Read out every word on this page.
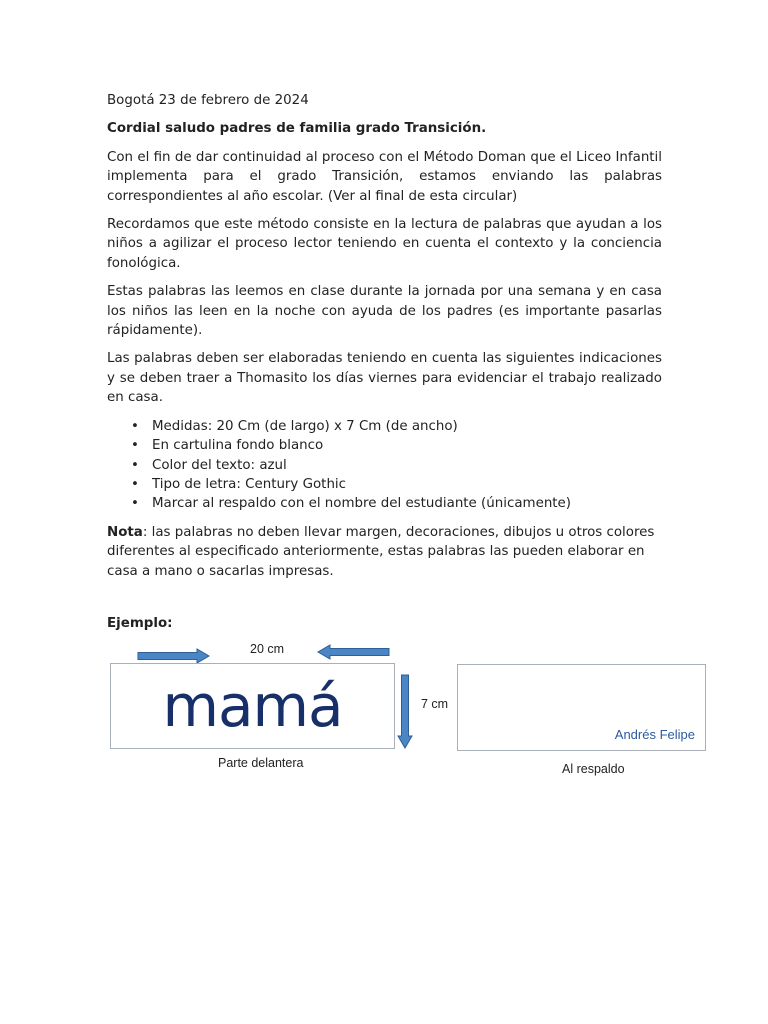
Bogotá 23 de febrero de 2024

Cordial saludo padres de familia grado Transición.

Con el fin de dar continuidad al proceso con el Método Doman que el Liceo Infantil implementa para el grado Transición, estamos enviando las palabras correspondientes al año escolar. (Ver al final de esta circular)

Recordamos que este método consiste en la lectura de palabras que ayudan a los niños a agilizar el proceso lector teniendo en cuenta el contexto y la conciencia fonológica.

Estas palabras las leemos en clase durante la jornada por una semana y en casa los niños las leen en la noche con ayuda de los padres (es importante pasarlas rápidamente).

Las palabras deben ser elaboradas teniendo en cuenta las siguientes indicaciones y se deben traer a Thomasito los días viernes para evidenciar el trabajo realizado en casa.

• Medidas: 20 Cm (de largo) x 7 Cm (de ancho)
• En cartulina fondo blanco
• Color del texto: azul
• Tipo de letra: Century Gothic
• Marcar al respaldo con el nombre del estudiante (únicamente)

Nota: las palabras no deben llevar margen, decoraciones, dibujos u otros colores diferentes al especificado anteriormente, estas palabras las pueden elaborar en casa a mano o sacarlas impresas.

Ejemplo:
20 cm
7 cm
mamá	Andrés Felipe
Parte delantera	Al respaldo
